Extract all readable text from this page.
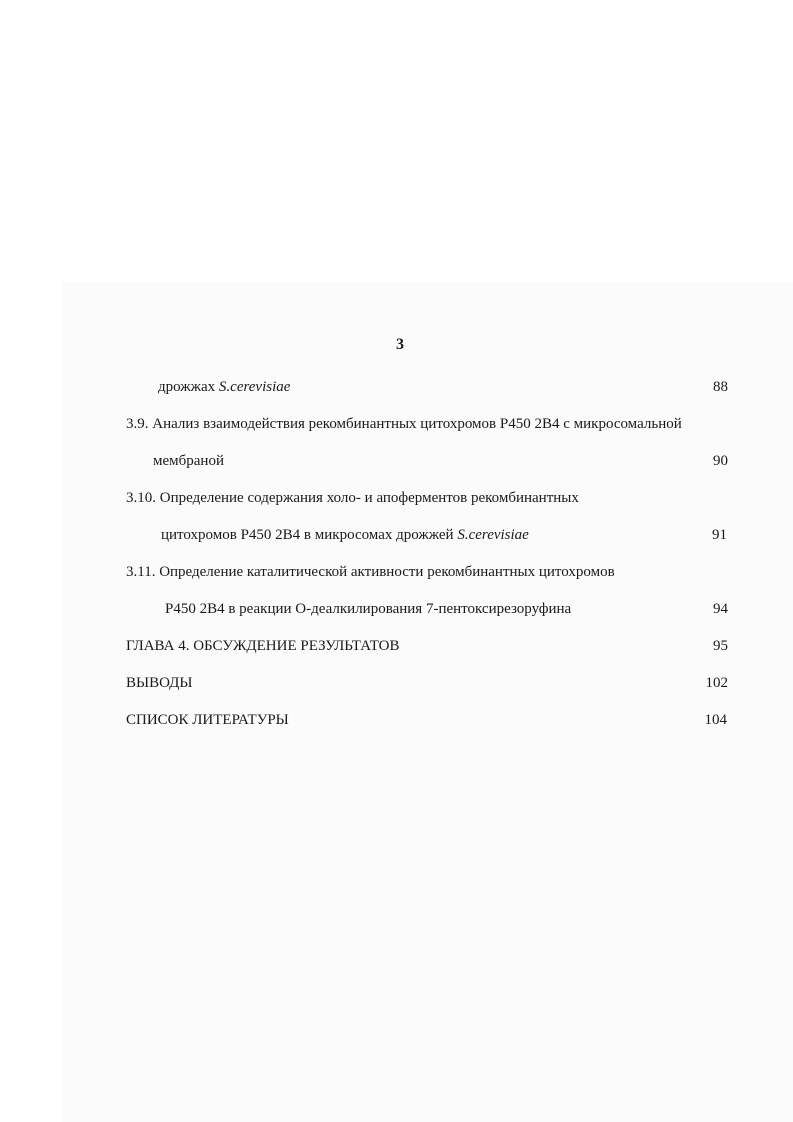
3
дрожжах S.cerevisiae	88
3.9. Анализ взаимодействия рекомбинантных цитохромов Р450 2В4 с микросомальной
мембраной	90
3.10. Определение содержания холо- и апоферментов рекомбинантных
цитохромов Р450 2В4 в микросомах дрожжей S.cerevisiae	91
3.11. Определение каталитической активности рекомбинантных цитохромов
Р450 2В4 в реакции О-деалкилирования 7-пентоксирезоруфина	94
ГЛАВА 4. ОБСУЖДЕНИЕ РЕЗУЛЬТАТОВ	95
ВЫВОДЫ	102
СПИСОК ЛИТЕРАТУРЫ	104
